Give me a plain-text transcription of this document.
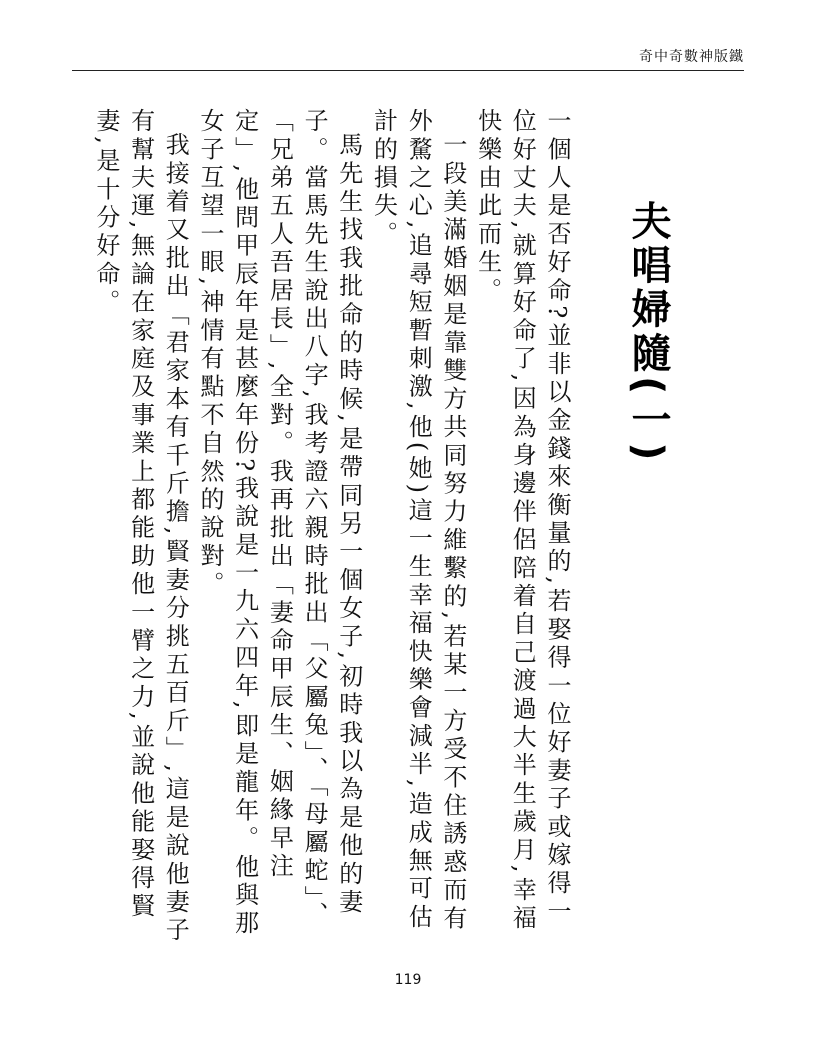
奇中奇數神版鐵
夫唱婦隨(一)

一個人是否好命?並非以金錢來衡量的,若娶得一位好妻子或嫁得一位好丈夫,就算好命了,因為身邊伴侶陪着自己渡過大半生歲月,幸福快樂由此而生。

一段美滿婚姻是靠雙方共同努力維繫的,若某一方受不住誘惑而有外騖之心,追尋短暫刺激,他(她)這一生幸福快樂會減半,造成無可估計的損失。

馬先生找我批命的時候,是帶同另一個女子,初時我以為是他的妻子。當馬先生說出八字,我考證六親時批出「父屬兔」、「母屬蛇」、「兄弟五人吾居長」,全對。我再批出「妻命甲辰生、姻緣早注定」,他問甲辰年是甚麼年份?我說是一九六四年,即是龍年。他與那女子互望一眼,神情有點不自然的說對。

我接着又批出「君家本有千斤擔,賢妻分挑五百斤」,這是說他妻子有幫夫運,無論在家庭及事業上都能助他一臂之力,並說他能娶得賢妻,是十分好命。

119
